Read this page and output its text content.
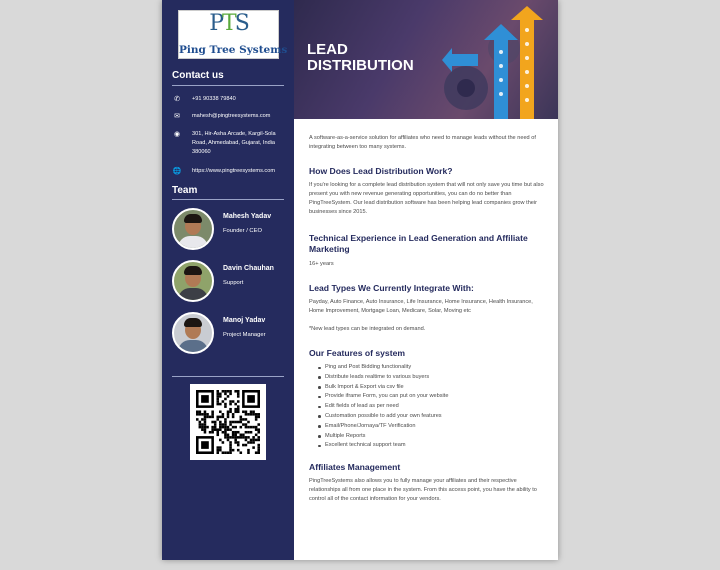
PTS
Ping Tree Systems
Contact us
✆	+91 90338 79840
✉	mahesh@pingtreesystems.com
◉	301, Hir-Asha Arcade, Kargil-Sola Road, Ahmedabad, Gujarat, India 380060
🌐 https://www.pingtreesystems.com
Team
Mahesh Yadav
Founder / CEO
Davin Chauhan
Support
Manoj Yadav
Project Manager
LEAD
DISTRIBUTION
A software-as-a-service solution for affiliates who need to manage leads without the need of integrating between too many systems.
How Does Lead Distribution Work?
If you're looking for a complete lead distribution system that will not only save you time but also present you with new revenue generating opportunities, you can do no better than PingTreeSystem. Our lead distribution software has been helping lead companies grow their businesses since 2015.
Technical Experience in Lead Generation and Affiliate Marketing
16+ years
Lead Types We Currently Integrate With:
Payday, Auto Finance, Auto Insurance, Life Insurance, Home Insurance, Health Insurance, Home Improvement, Mortgage Loan, Medicare, Solar, Moving etc
*New lead types can be integrated on demand.
Our Features of system
Ping and Post Bidding functionality
Distribute leads realtime to various buyers
Bulk Import & Export via csv file
Provide iframe Form, you can put on your website
Edit fields of lead as per need
Customation possible to add your own features
Email/Phone/Jornaya/TF Verification
Multiple Reports
Excellent technical support team
Affiliates Management
PingTreeSystems also allows you to fully manage your affiliates and their respective relationships all from one place in the system. From this access point, you have the ability to control all of the contact information for your vendors.
